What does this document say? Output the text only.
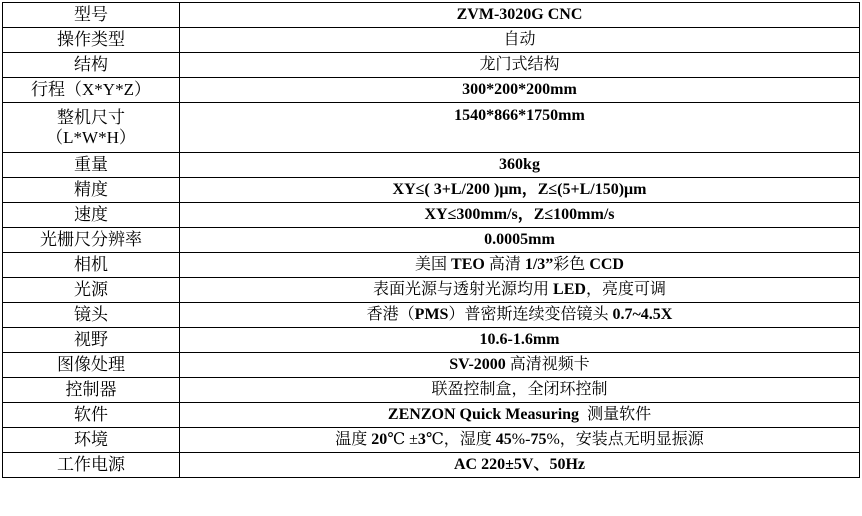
型号	ZVM-3020G CNC
操作类型	自动
结构	龙门式结构
行程（X*Y*Z）	300*200*200mm

整机尺寸
（L*W*H）	1540*866*1750mm
重量	360kg
精度	XY≤( 3+L/200 )μm，Z≤(5+L/150)μm
速度	XY≤300mm/s，Z≤100mm/s
光栅尺分辨率	0.0005mm
相机	美国 TEO 高清 1/3”彩色 CCD
光源	表面光源与透射光源均用 LED，亮度可调
镜头	香港（PMS）普密斯连续变倍镜头 0.7~4.5X
视野	10.6-1.6mm
图像处理	SV-2000 高清视频卡
控制器	联盈控制盒，全闭环控制
软件	ZENZON Quick Measuring  测量软件
环境	温度 20℃ ±3℃，湿度 45%-75%，安装点无明显振源
工作电源	AC 220±5V、50Hz
